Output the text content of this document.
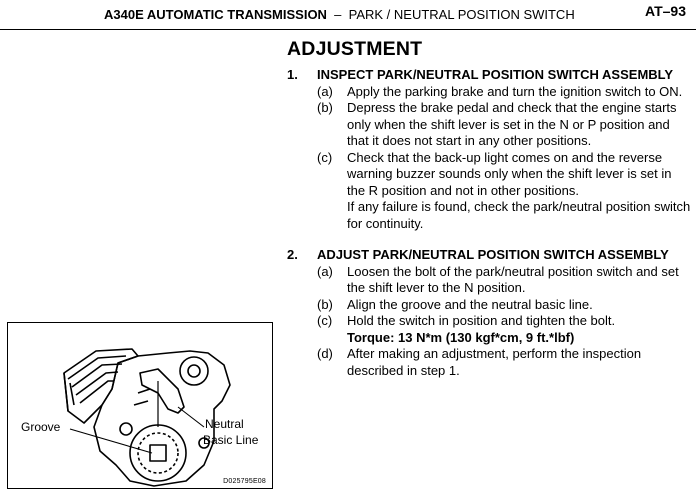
A340E AUTOMATIC TRANSMISSION  –  PARK / NEUTRAL POSITION SWITCH	AT–93
ADJUSTMENT
1. INSPECT PARK/NEUTRAL POSITION SWITCH ASSEMBLY
(a) Apply the parking brake and turn the ignition switch to ON.
(b) Depress the brake pedal and check that the engine starts only when the shift lever is set in the N or P position and that it does not start in any other positions.
(c) Check that the back-up light comes on and the reverse warning buzzer sounds only when the shift lever is set in the R position and not in other positions.
If any failure is found, check the park/neutral position switch for continuity.
2. ADJUST PARK/NEUTRAL POSITION SWITCH ASSEMBLY
(a) Loosen the bolt of the park/neutral position switch and set the shift lever to the N position.
(b) Align the groove and the neutral basic line.
(c) Hold the switch in position and tighten the bolt.
Torque: 13 N*m (130 kgf*cm, 9 ft.*lbf)
(d) After making an adjustment, perform the inspection described in step 1.
Groove	Neutral
Basic Line
D025795E08
